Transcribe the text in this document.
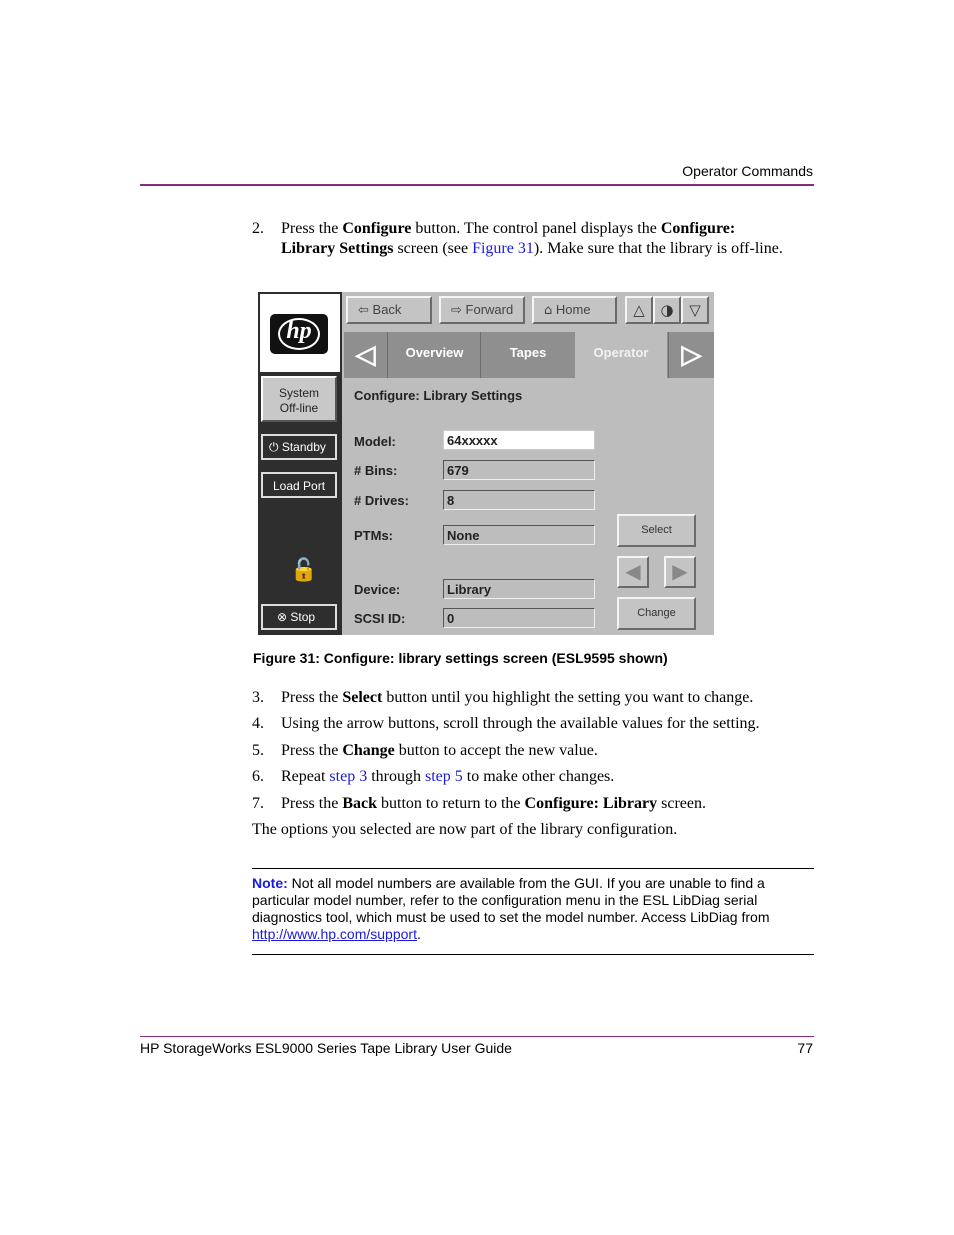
Operator Commands
2. Press the Configure button. The control panel displays the Configure:
Library Settings screen (see Figure 31). Make sure that the library is off-line.
hp
System
Off-line
⏻ Standby
Load Port
🔓
⊗ Stop
⇦ Back	⇨ Forward	⌂ Home	△	◑	▽
◁	Overview	Tapes	Operator	▷
Configure: Library Settings
Model:	64xxxxx
# Bins:	679
# Drives:	8
PTMs:	None
Device:	Library
SCSI ID:	0
Select
◀	▶
Change
Figure 31: Configure: library settings screen (ESL9595 shown)
3. Press the Select button until you highlight the setting you want to change.
4. Using the arrow buttons, scroll through the available values for the setting.
5. Press the Change button to accept the new value.
6. Repeat step 3 through step 5 to make other changes.
7. Press the Back button to return to the Configure: Library screen.
The options you selected are now part of the library configuration.
Note: Not all model numbers are available from the GUI. If you are unable to find a particular model number, refer to the configuration menu in the ESL LibDiag serial diagnostics tool, which must be used to set the model number. Access LibDiag from http://www.hp.com/support.
HP StorageWorks ESL9000 Series Tape Library User Guide	77
